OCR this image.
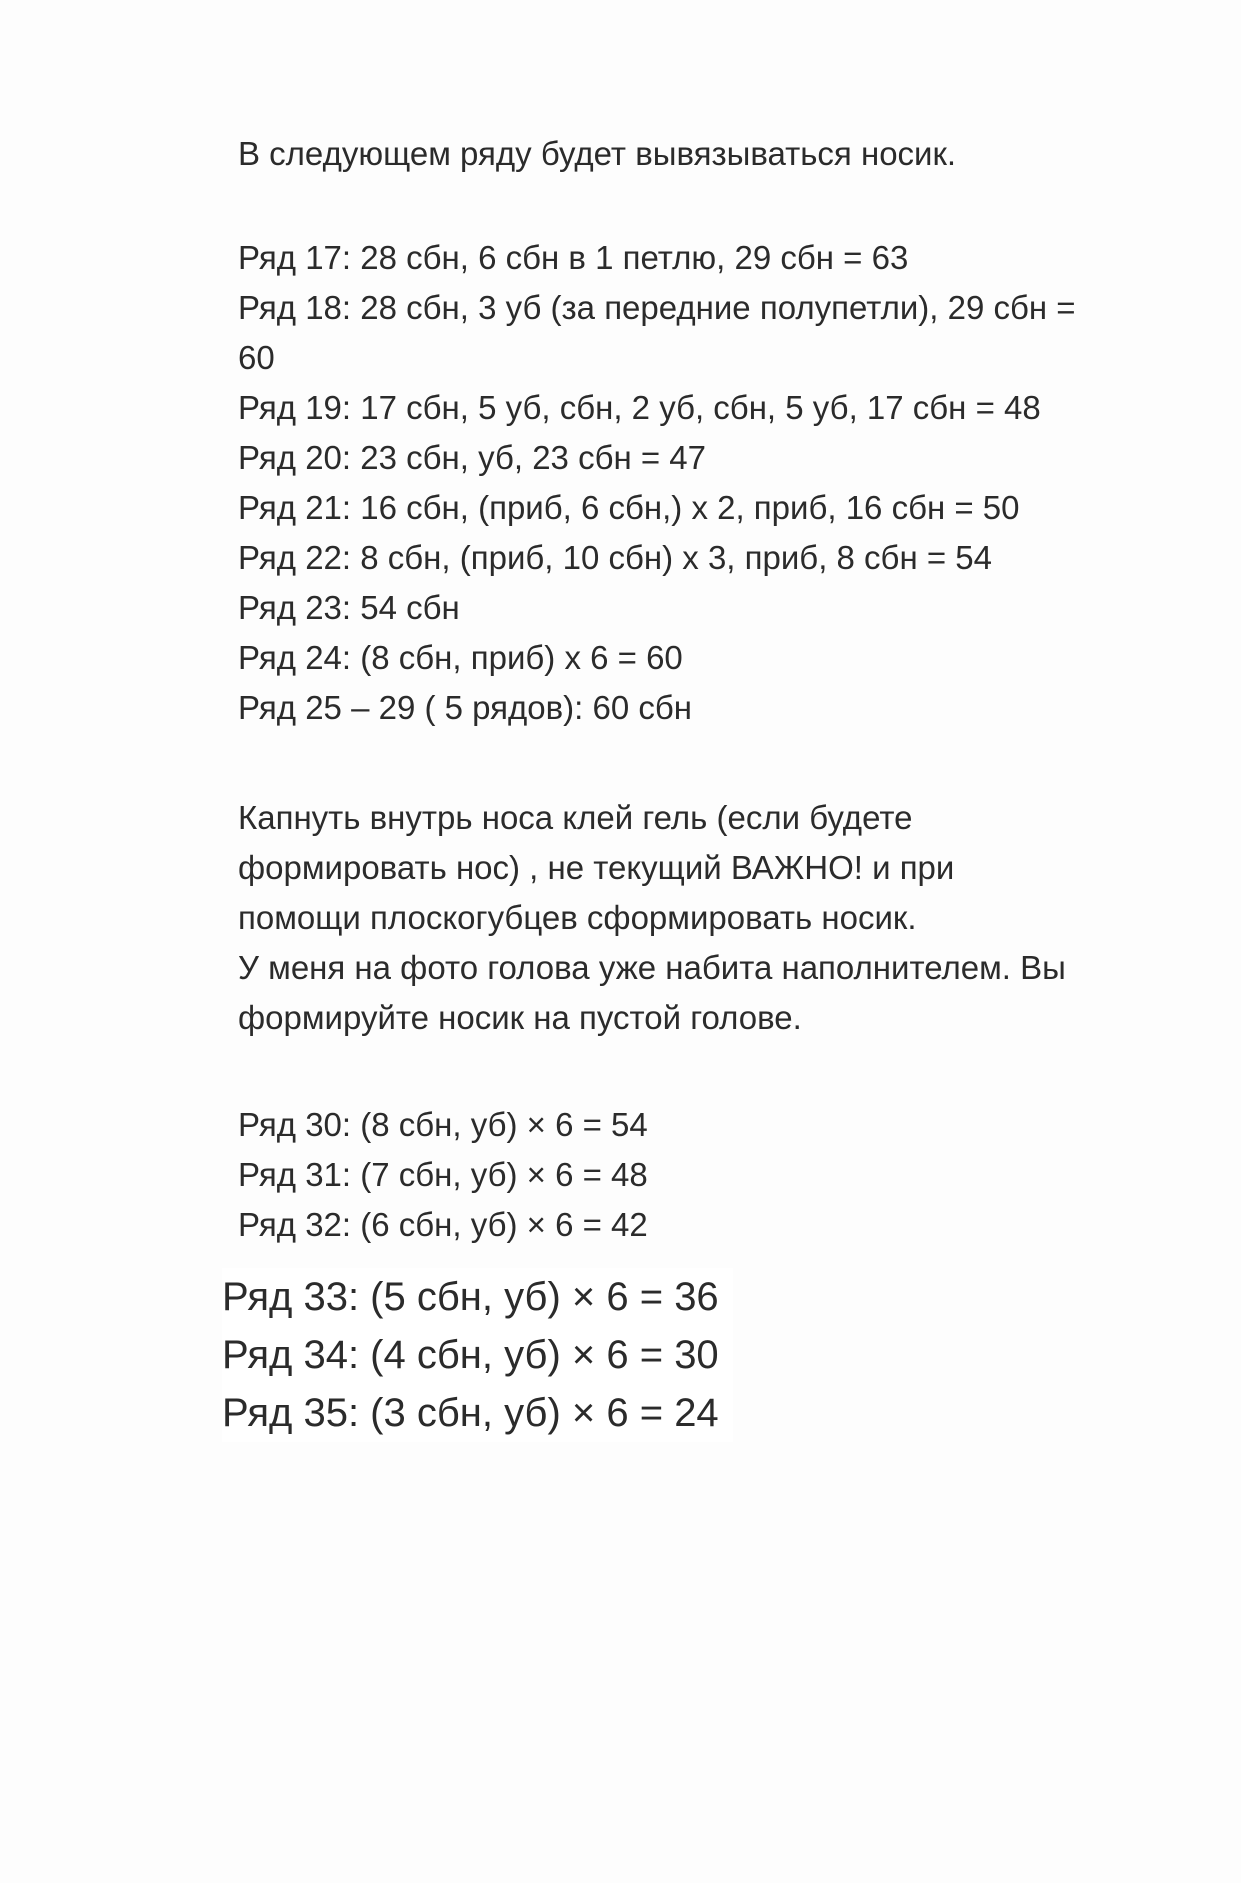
В следующем ряду будет вывязываться носик.
Ряд 17: 28 сбн, 6 сбн в 1 петлю, 29 сбн = 63
Ряд 18: 28 сбн, 3 уб (за передние полупетли), 29 сбн =
60
Ряд 19: 17 сбн, 5 уб, сбн, 2 уб, сбн, 5 уб, 17 сбн = 48
Ряд 20: 23 сбн, уб, 23 сбн = 47
Ряд 21: 16 сбн, (приб, 6 сбн,) х 2, приб, 16 сбн = 50
Ряд 22: 8 сбн, (приб, 10 сбн) х 3, приб, 8 сбн = 54
Ряд 23: 54 сбн
Ряд 24: (8 сбн, приб) х 6 = 60
Ряд 25 – 29 ( 5 рядов): 60 сбн
Капнуть внутрь носа клей гель (если будете
формировать нос) , не текущий ВАЖНО! и при
помощи плоскогубцев сформировать носик.
У меня на фото голова уже набита наполнителем. Вы
формируйте носик на пустой голове.
Ряд 30: (8 сбн, уб) × 6 = 54
Ряд 31: (7 сбн, уб) × 6 = 48
Ряд 32: (6 сбн, уб) × 6 = 42
Ряд 33: (5 сбн, уб) × 6 = 36
Ряд 34: (4 сбн, уб) × 6 = 30
Ряд 35: (3 сбн, уб) × 6 = 24
